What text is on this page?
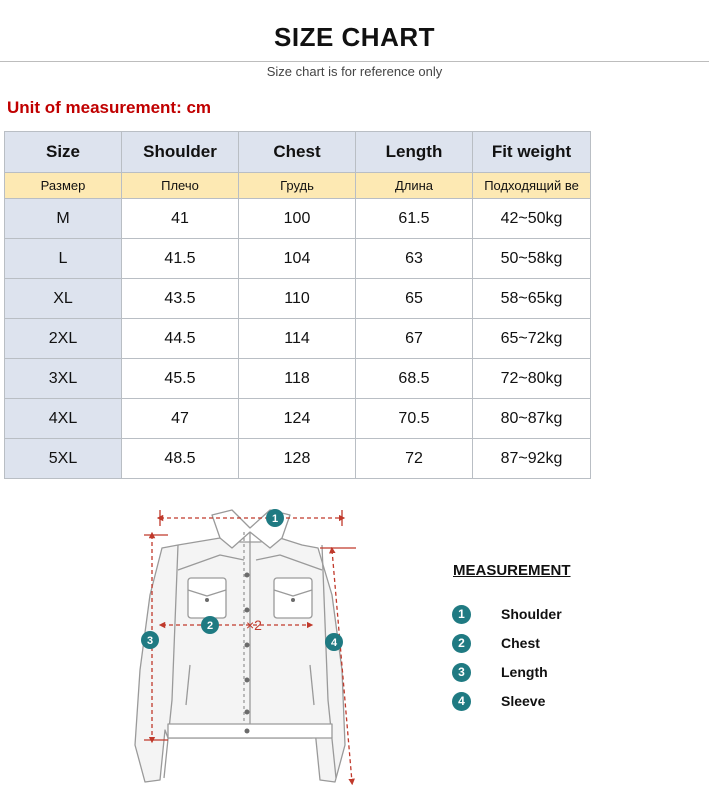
SIZE CHART
Size chart is for reference only
Unit of measurement: cm
Size	Shoulder	Chest	Length	Fit weight
Размер	Плечо	Грудь	Длина	Подходящий ве
M	41	100	61.5	42~50kg
L	41.5	104	63	50~58kg
XL	43.5	110	65	58~65kg
2XL	44.5	114	67	65~72kg
3XL	45.5	118	68.5	72~80kg
4XL	47	124	70.5	80~87kg
5XL	48.5	128	72	87~92kg
1
2 ×2
3	4
MEASUREMENT
1	Shoulder
2	Chest
3	Length
4	Sleeve
